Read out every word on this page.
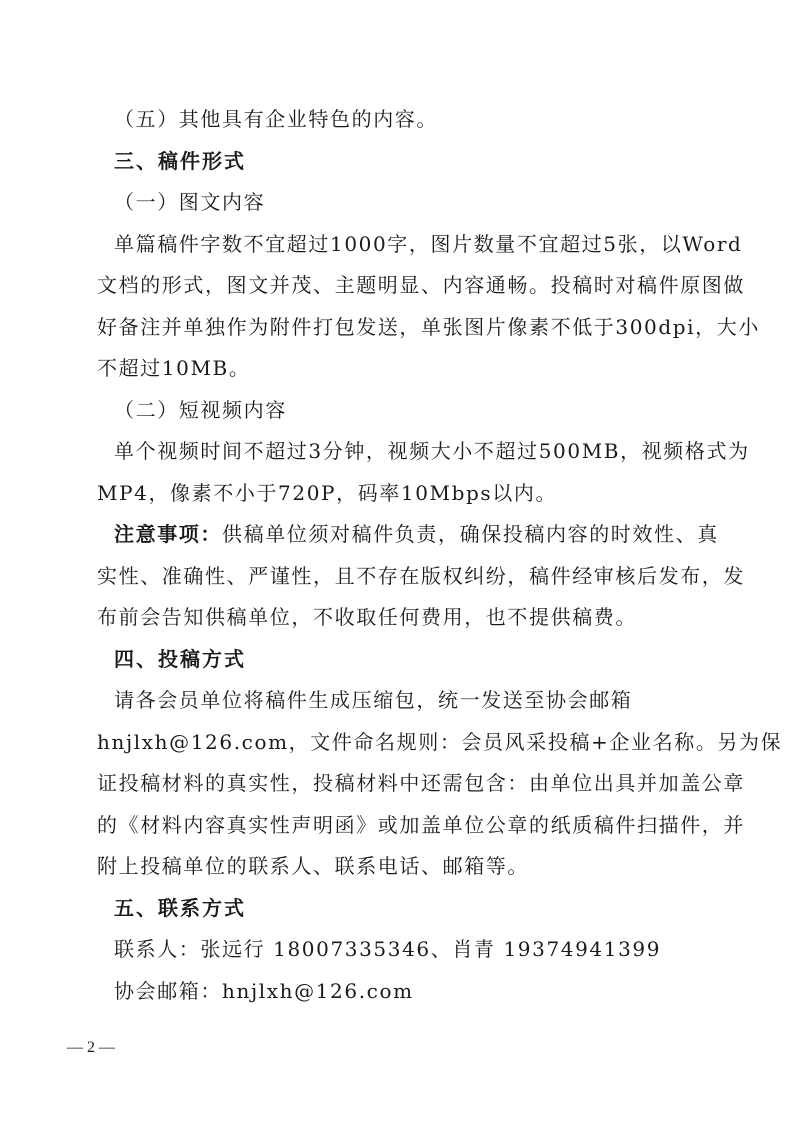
（五）其他具有企业特色的内容。
三、稿件形式
（一）图文内容
单篇稿件字数不宜超过1000字，图片数量不宜超过5张，以Word
文档的形式，图文并茂、主题明显、内容通畅。投稿时对稿件原图做
好备注并单独作为附件打包发送，单张图片像素不低于300dpi，大小
不超过10MB。
（二）短视频内容
单个视频时间不超过3分钟，视频大小不超过500MB，视频格式为
MP4，像素不小于720P，码率10Mbps以内。
注意事项：供稿单位须对稿件负责，确保投稿内容的时效性、真
实性、准确性、严谨性，且不存在版权纠纷，稿件经审核后发布，发
布前会告知供稿单位，不收取任何费用，也不提供稿费。
四、投稿方式
请各会员单位将稿件生成压缩包，统一发送至协会邮箱
hnjlxh@126.com，文件命名规则：会员风采投稿+企业名称。另为保
证投稿材料的真实性，投稿材料中还需包含：由单位出具并加盖公章
的《材料内容真实性声明函》或加盖单位公章的纸质稿件扫描件，并
附上投稿单位的联系人、联系电话、邮箱等。
五、联系方式
联系人：张远行 18007335346、肖青 19374941399
协会邮箱：hnjlxh@126.com
— 2 —
